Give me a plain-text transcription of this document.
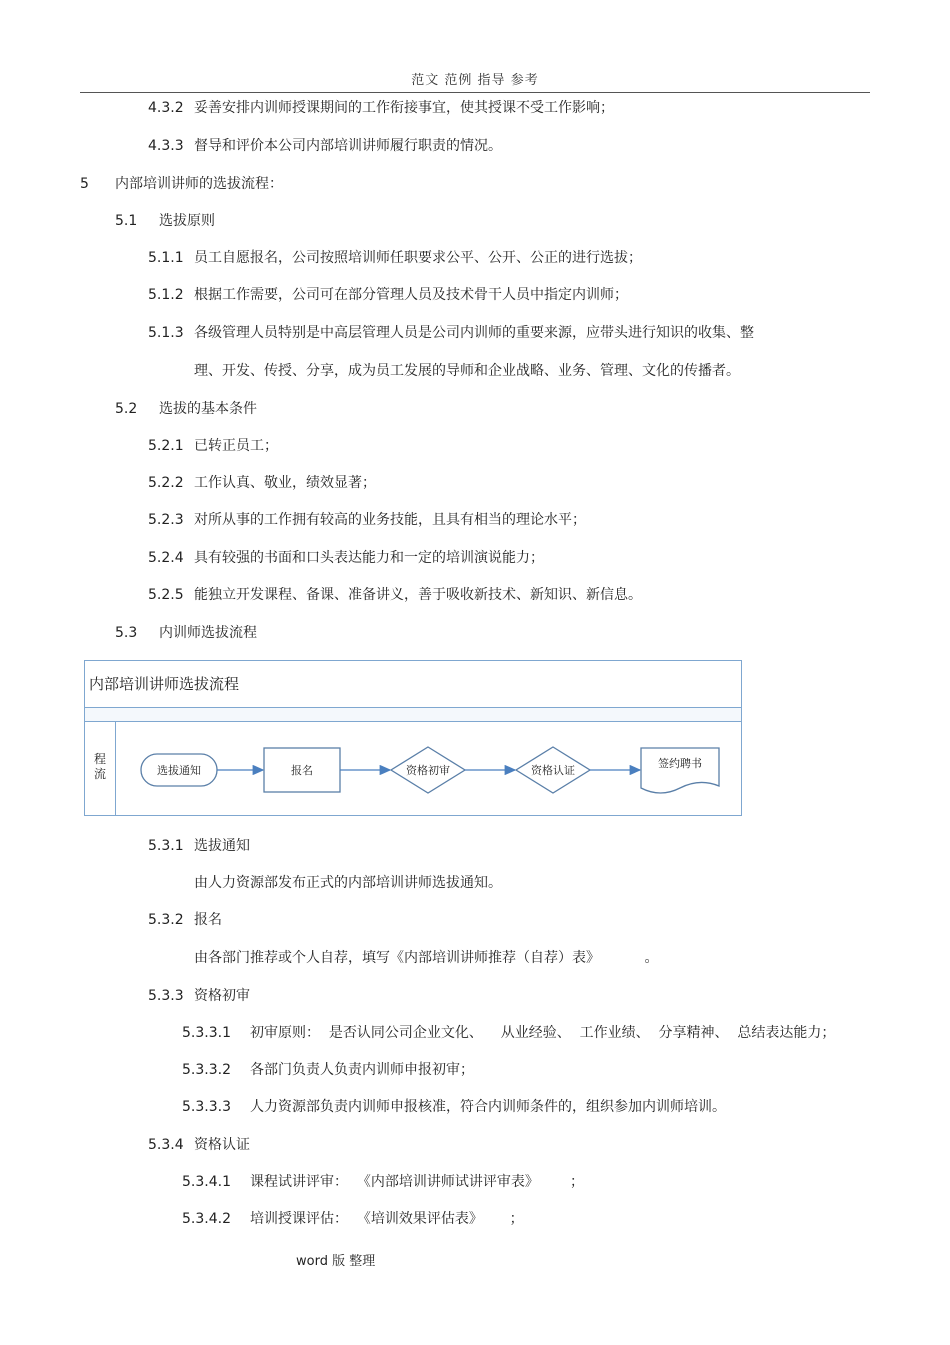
范文 范例 指导 参考
4.3.2 妥善安排内训师授课期间的工作衔接事宜，使其授课不受工作影响；
4.3.3 督导和评价本公司内部培训讲师履行职责的情况。
5 内部培训讲师的选拔流程：
5.1 选拔原则
5.1.1 员工自愿报名，公司按照培训师任职要求公平、公开、公正的进行选拔；
5.1.2 根据工作需要，公司可在部分管理人员及技术骨干人员中指定内训师；
5.1.3 各级管理人员特别是中高层管理人员是公司内训师的重要来源，应带头进行知识的收集、整
理、开发、传授、分享，成为员工发展的导师和企业战略、业务、管理、文化的传播者。
5.2 选拔的基本条件
5.2.1 已转正员工；
5.2.2 工作认真、敬业，绩效显著；
5.2.3 对所从事的工作拥有较高的业务技能，且具有相当的理论水平；
5.2.4 具有较强的书面和口头表达能力和一定的培训演说能力；
5.2.5 能独立开发课程、备课、准备讲义，善于吸收新技术、新知识、新信息。
5.3 内训师选拔流程
5.3.1 选拔通知
由人力资源部发布正式的内部培训讲师选拔通知。
5.3.2 报名
由各部门推荐或个人自荐，填写《内部培训讲师推荐（自荐）表》          。
5.3.3 资格初审
5.3.3.1 初审原则：  是否认同公司企业文化、    从业经验、  工作业绩、  分享精神、  总结表达能力；
5.3.3.2 各部门负责人负责内训师申报初审；
5.3.3.3 人力资源部负责内训师申报核准，符合内训师条件的，组织参加内训师培训。
5.3.4 资格认证
5.3.4.1 课程试讲评审：  《内部培训讲师试讲评审表》       ；
5.3.4.2 培训授课评估：  《培训效果评估表》      ；
内部培训讲师选拔流程
程
流	选拔通知	报名	资格初审	资格认证
签约聘书
word 版 整理
